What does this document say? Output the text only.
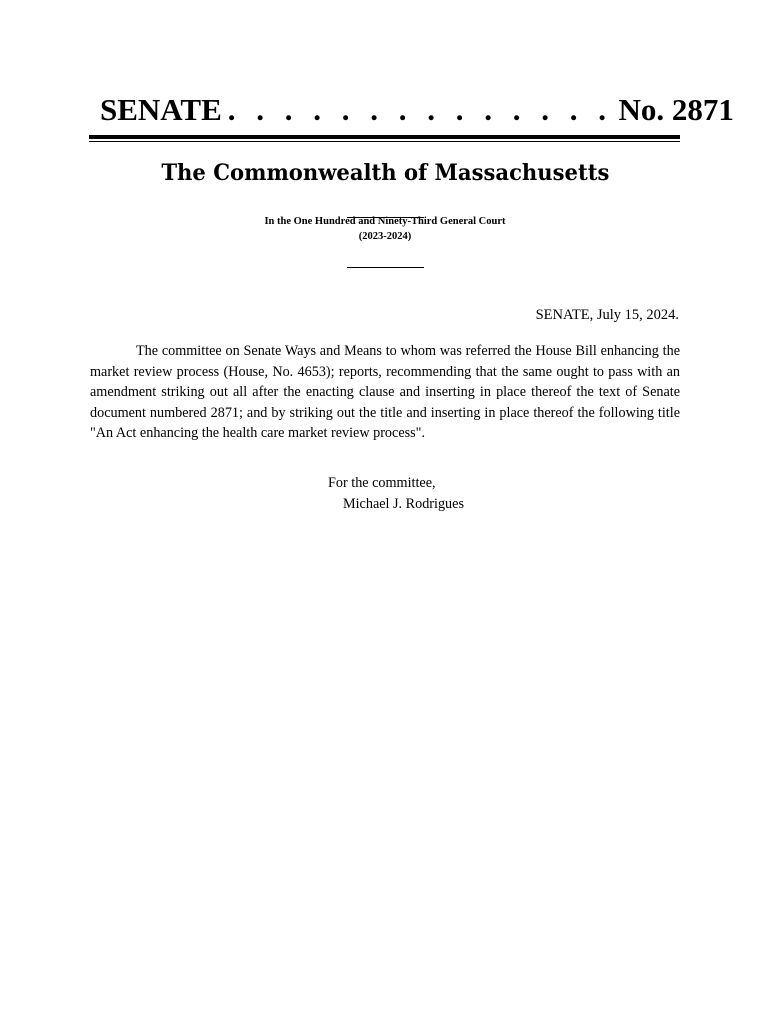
SENATE . . . . . . . . . . . . . . No. 2871
The Commonwealth of Massachusetts
In the One Hundred and Ninety-Third General Court
(2023-2024)
SENATE, July 15, 2024.

The committee on Senate Ways and Means to whom was referred the House Bill enhancing the market review process (House, No. 4653); reports, recommending that the same ought to pass with an amendment striking out all after the enacting clause and inserting in place thereof the text of Senate document numbered 2871; and by striking out the title and inserting in place thereof the following title "An Act enhancing the health care market review process".

For the committee,
Michael J. Rodrigues
